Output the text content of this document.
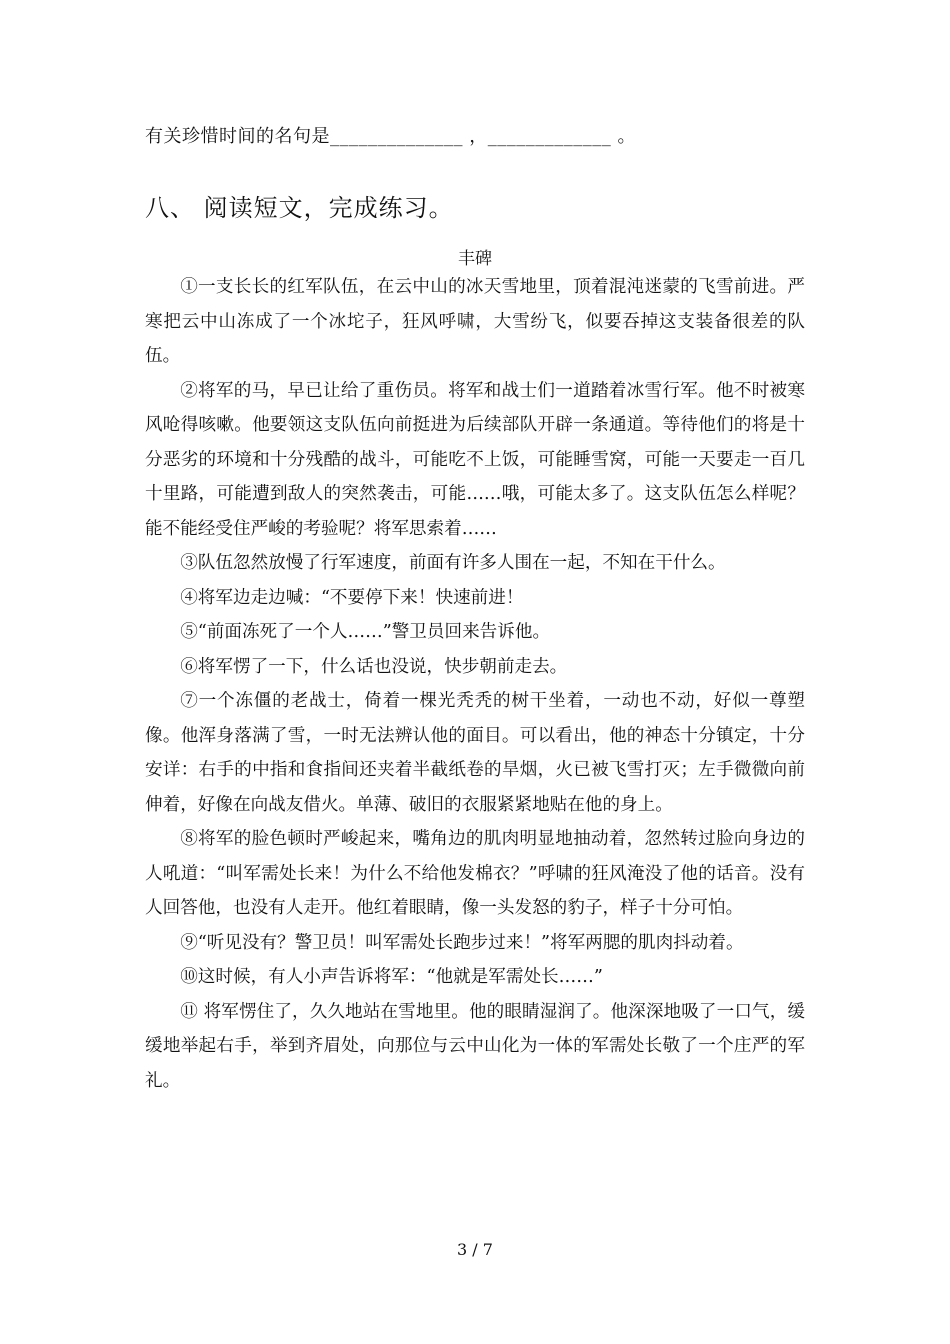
有关珍惜时间的名句是______________ ，_____________ 。
八、 阅读短文，完成练习。
丰碑

①一支长长的红军队伍，在云中山的冰天雪地里，顶着混沌迷蒙的飞雪前进。严寒把云中山冻成了一个冰坨子，狂风呼啸，大雪纷飞，似要吞掉这支装备很差的队伍。

②将军的马，早已让给了重伤员。将军和战士们一道踏着冰雪行军。他不时被寒风呛得咳嗽。他要领这支队伍向前挺进为后续部队开辟一条通道。等待他们的将是十分恶劣的环境和十分残酷的战斗，可能吃不上饭，可能睡雪窝，可能一天要走一百几十里路，可能遭到敌人的突然袭击，可能……哦，可能太多了。这支队伍怎么样呢？能不能经受住严峻的考验呢？将军思索着……

③队伍忽然放慢了行军速度，前面有许多人围在一起，不知在干什么。

④将军边走边喊：“不要停下来！快速前进！

⑤“前面冻死了一个人……”警卫员回来告诉他。

⑥将军愣了一下，什么话也没说，快步朝前走去。

⑦一个冻僵的老战士，倚着一棵光秃秃的树干坐着，一动也不动，好似一尊塑像。他浑身落满了雪，一时无法辨认他的面目。可以看出，他的神态十分镇定，十分安详：右手的中指和食指间还夹着半截纸卷的旱烟，火已被飞雪打灭；左手微微向前伸着，好像在向战友借火。单薄、破旧的衣服紧紧地贴在他的身上。

⑧将军的脸色顿时严峻起来，嘴角边的肌肉明显地抽动着，忽然转过脸向身边的人吼道：“叫军需处长来！为什么不给他发棉衣？”呼啸的狂风淹没了他的话音。没有人回答他，也没有人走开。他红着眼睛，像一头发怒的豹子，样子十分可怕。

⑨“听见没有？警卫员！叫军需处长跑步过来！”将军两腮的肌肉抖动着。

⑩这时候，有人小声告诉将军：“他就是军需处长……”

⑪ 将军愣住了，久久地站在雪地里。他的眼睛湿润了。他深深地吸了一口气，缓缓地举起右手，举到齐眉处，向那位与云中山化为一体的军需处长敬了一个庄严的军礼。

3 / 7
